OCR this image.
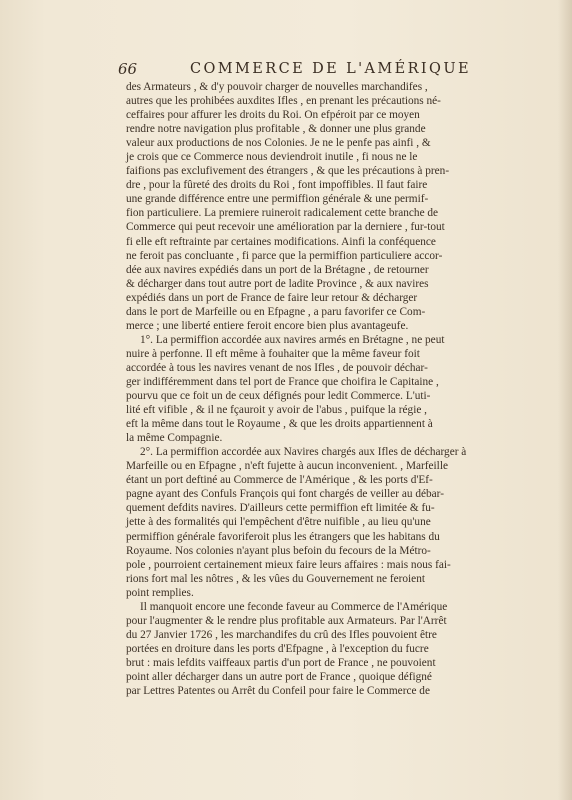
66	COMMERCE DE L'AMÉRIQUE
des Armateurs , & d'y pouvoir charger de nouvelles marchandifes ,
autres que les prohibées auxdites Ifles , en prenant les précautions né-
ceffaires pour affurer les droits du Roi. On efpéroit par ce moyen
rendre notre navigation plus profitable , & donner une plus grande
valeur aux productions de nos Colonies. Je ne le penfe pas ainfi , &
je crois que ce Commerce nous deviendroit inutile , fi nous ne le
faifions pas exclufivement des étrangers , & que les précautions à pren-
dre , pour la fûreté des droits du Roi , font impoffibles. Il faut faire
une grande différence entre une permiffion générale & une permif-
fion particuliere. La premiere ruineroit radicalement cette branche de
Commerce qui peut recevoir une amélioration par la derniere , fur-tout
fi elle eft reftrainte par certaines modifications. Ainfi la conféquence
ne feroit pas concluante , fi parce que la permiffion particuliere accor-
dée aux navires expédiés dans un port de la Brétagne , de retourner
& décharger dans tout autre port de ladite Province , & aux navires
expédiés dans un port de France de faire leur retour & décharger
dans le port de Marfeille ou en Efpagne , a paru favorifer ce Com-
merce ; une liberté entiere feroit encore bien plus avantageufe.
1°. La permiffion accordée aux navires armés en Brétagne , ne peut
nuire à perfonne. Il eft même à fouhaiter que la même faveur foit
accordée à tous les navires venant de nos Ifles , de pouvoir déchar-
ger indifféremment dans tel port de France que choifira le Capitaine ,
pourvu que ce foit un de ceux défignés pour ledit Commerce. L'uti-
lité eft vifible , & il ne fçauroit y avoir de l'abus , puifque la régie ,
eft la même dans tout le Royaume , & que les droits appartiennent à
la même Compagnie.
2°. La permiffion accordée aux Navires chargés aux Ifles de décharger à
Marfeille ou en Efpagne , n'eft fujette à aucun inconvenient. , Marfeille
étant un port deftiné au Commerce de l'Amérique , & les ports d'Ef-
pagne ayant des Confuls François qui font chargés de veiller au débar-
quement defdits navires. D'ailleurs cette permiffion eft limitée & fu-
jette à des formalités qui l'empêchent d'être nuifible , au lieu qu'une
permiffion générale favoriferoit plus les étrangers que les habitans du
Royaume. Nos colonies n'ayant plus befoin du fecours de la Métro-
pole , pourroient certainement mieux faire leurs affaires : mais nous fai-
rions fort mal les nôtres , & les vûes du Gouvernement ne feroient
point remplies.
Il manquoit encore une feconde faveur au Commerce de l'Amérique
pour l'augmenter & le rendre plus profitable aux Armateurs. Par l'Arrêt
du 27 Janvier 1726 , les marchandifes du crû des Ifles pouvoient être
portées en droiture dans les ports d'Efpagne , à l'exception du fucre
brut : mais lefdits vaiffeaux partis d'un port de France , ne pouvoient
point aller décharger dans un autre port de France , quoique défigné
par Lettres Patentes ou Arrêt du Confeil pour faire le Commerce de
